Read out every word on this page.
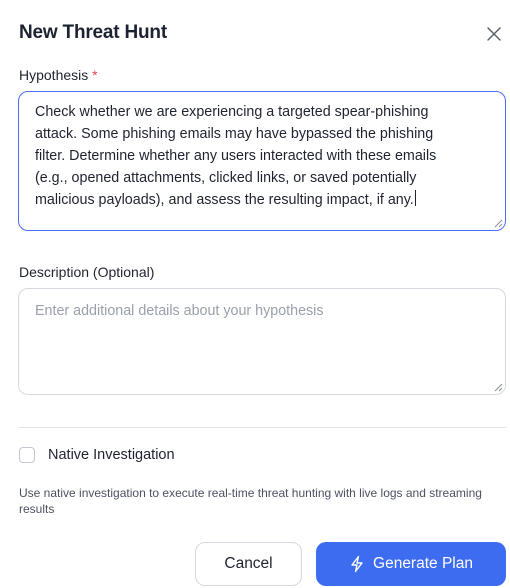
New Threat Hunt
Hypothesis *
Check whether we are experiencing a targeted spear-phishing
attack. Some phishing emails may have bypassed the phishing
filter. Determine whether any users interacted with these emails
(e.g., opened attachments, clicked links, or saved potentially
malicious payloads), and assess the resulting impact, if any.
Description (Optional)
Enter additional details about your hypothesis
Native Investigation
Use native investigation to execute real-time threat hunting with live logs and streaming results
Cancel	Generate Plan
